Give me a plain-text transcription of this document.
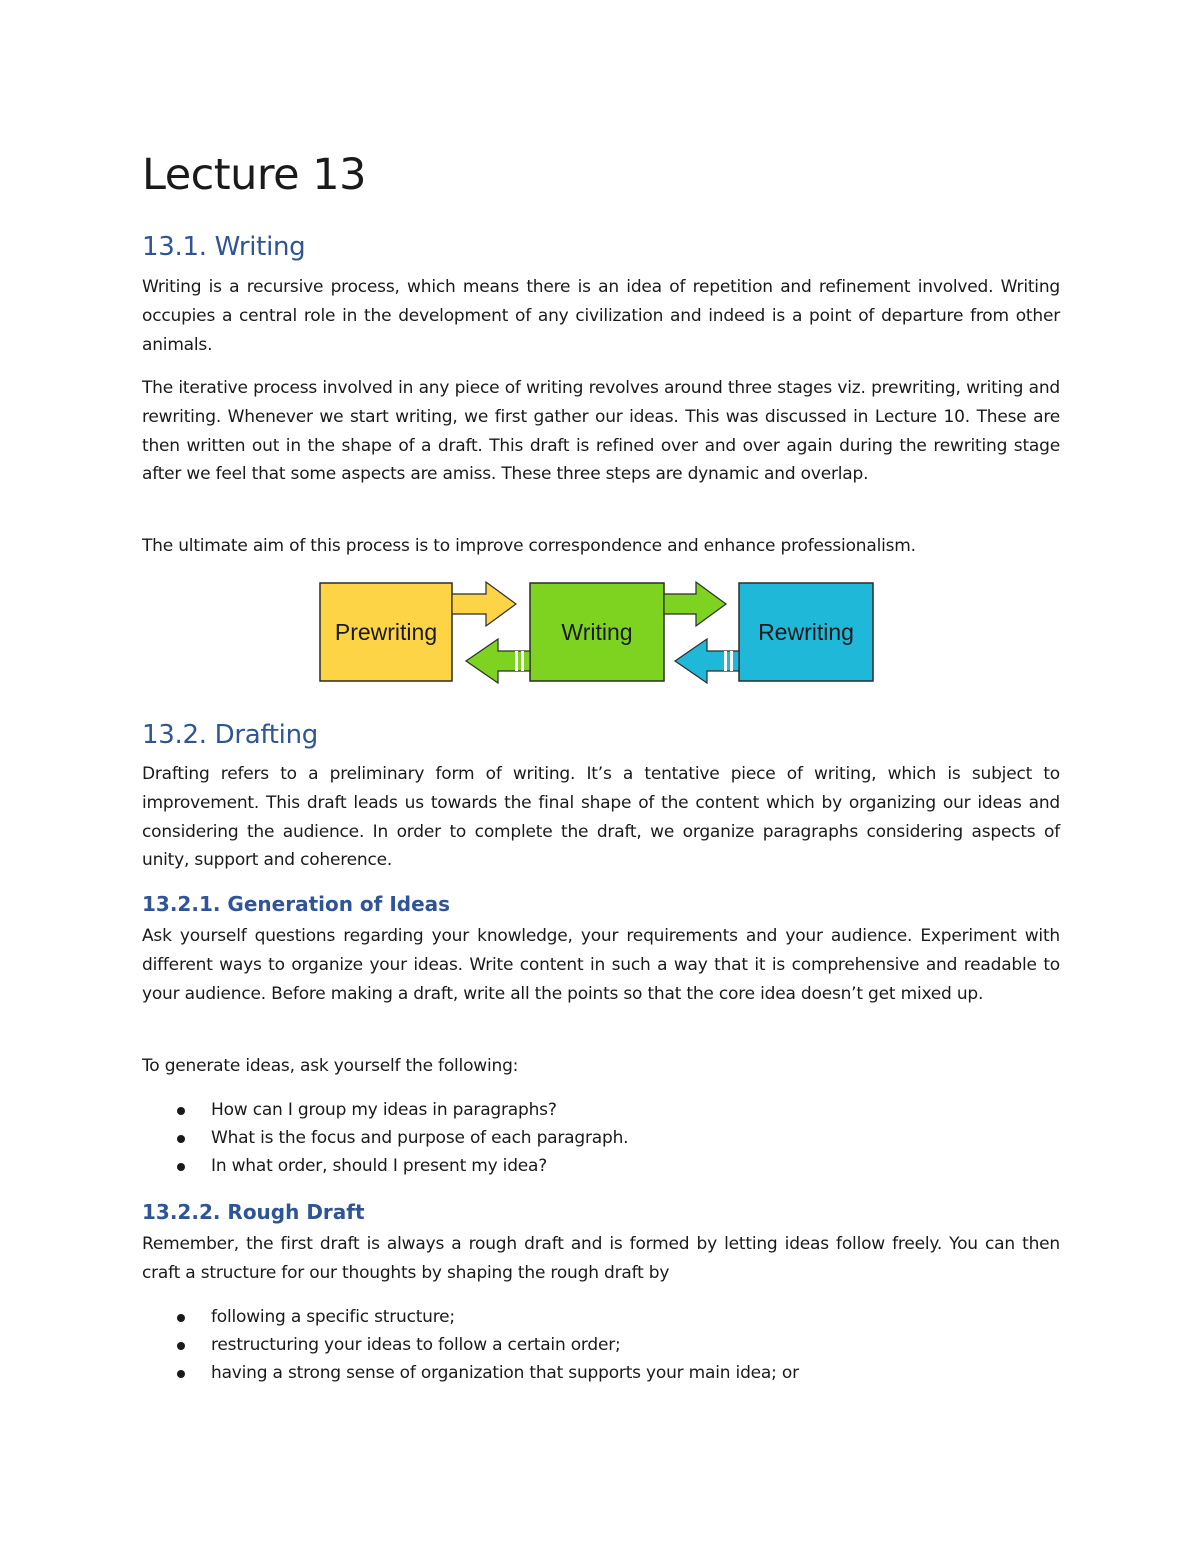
Lecture 13
13.1. Writing

Writing is a recursive process, which means there is an idea of repetition and refinement involved. Writing occupies a central role in the development of any civilization and indeed is a point of departure from other animals.

The iterative process involved in any piece of writing revolves around three stages viz. prewriting, writing and rewriting. Whenever we start writing, we first gather our ideas. This was discussed in Lecture 10. These are then written out in the shape of a draft. This draft is refined over and over again during the rewriting stage after we feel that some aspects are amiss. These three steps are dynamic and overlap.

The ultimate aim of this process is to improve correspondence and enhance professionalism.

Prewriting	Writing	Rewriting
13.2. Drafting

Drafting refers to a preliminary form of writing. It’s a tentative piece of writing, which is subject to improvement. This draft leads us towards the final shape of the content which by organizing our ideas and considering the audience. In order to complete the draft, we organize paragraphs considering aspects of unity, support and coherence.

13.2.1. Generation of Ideas

Ask yourself questions regarding your knowledge, your requirements and your audience. Experiment with different ways to organize your ideas. Write content in such a way that it is comprehensive and readable to your audience. Before making a draft, write all the points so that the core idea doesn’t get mixed up.

To generate ideas, ask yourself the following:

How can I group my ideas in paragraphs?
What is the focus and purpose of each paragraph.
In what order, should I present my idea?
13.2.2. Rough Draft

Remember, the first draft is always a rough draft and is formed by letting ideas follow freely. You can then craft a structure for our thoughts by shaping the rough draft by

following a specific structure;
restructuring your ideas to follow a certain order;
having a strong sense of organization that supports your main idea; or
